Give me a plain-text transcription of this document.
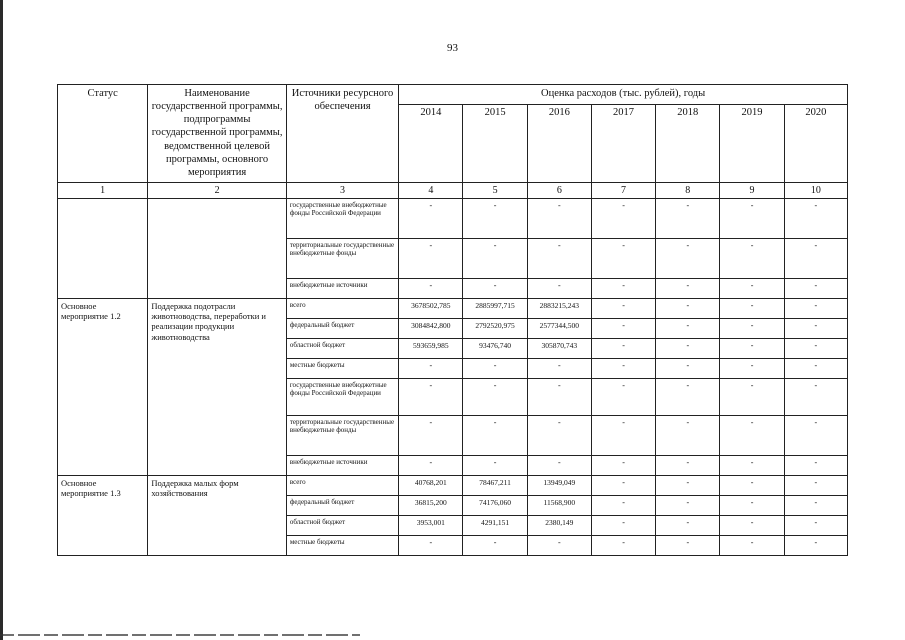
93
Статус	Наименование государственной программы, подпрограммы государственной программы, ведомственной целевой программы, основного мероприятия	Источники ресурсного обеспечения	Оценка расходов (тыс. рублей), годы						
			2014	2015	2016	2017	2018	2019	2020
1	2	3	4	5	6	7	8	9	10
		государственные внебюджетные фонды Российской Федерации	-	-	-	-	-	-	-
		территориальные государственные внебюджетные фонды	-	-	-	-	-	-	-
		внебюджетные источники	-	-	-	-	-	-	-
Основное мероприятие 1.2	Поддержка подотрасли животноводства, переработки и реализации продукции животноводства	всего	3678502,785	2885997,715	2883215,243	-	-	-	-
		федеральный бюджет	3084842,800	2792520,975	2577344,500	-	-	-	-
		областной бюджет	593659,985	93476,740	305870,743	-	-	-	-
		местные бюджеты	-	-	-	-	-	-	-
		государственные внебюджетные фонды Российской Федерации	-	-	-	-	-	-	-
		территориальные государственные внебюджетные фонды	-	-	-	-	-	-	-
		внебюджетные источники	-	-	-	-	-	-	-
Основное мероприятие 1.3	Поддержка малых форм хозяйствования	всего	40768,201	78467,211	13949,049	-	-	-	-
		федеральный бюджет	36815,200	74176,060	11568,900	-	-	-	-
		областной бюджет	3953,001	4291,151	2380,149	-	-	-	-
		местные бюджеты	-	-	-	-	-	-	-
